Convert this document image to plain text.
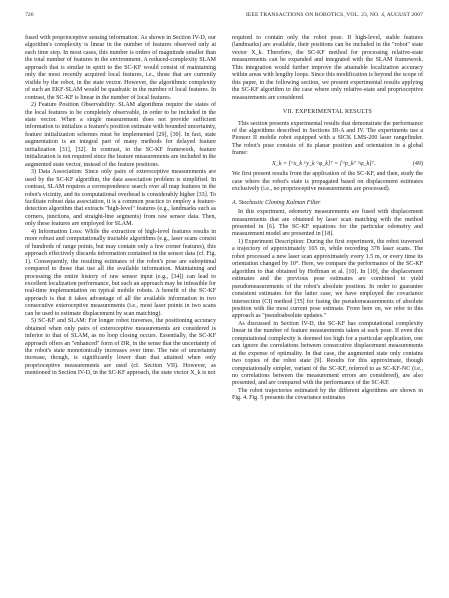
726	IEEE TRANSACTIONS ON ROBOTICS, VOL. 23, NO. 4, AUGUST 2007

fused with proprioceptive sensing information. As shown in Section IV-D, our algorithm's complexity is linear in the number of features observed only at each time step. In most cases, this number is orders of magnitude smaller than the total number of features in the environment. A reduced-complexity SLAM approach that is similar in spirit to the SC-KF would consist of maintaining only the most recently acquired local features, i.e., those that are currently visible by the robot, in the state vector. However, the algorithmic complexity of such an EKF-SLAM would be quadratic in the number of local features. In contrast, the SC-KF is linear in the number of local features.

2) Feature Position Observability: SLAM algorithms require the states of the local features to be completely observable, in order to be included in the state vector. When a single measurement does not provide sufficient information to initialize a feature's position estimate with bounded uncertainty, feature initialization schemes must be implemented [29], [30]. In fact, state augmentation is an integral part of many methods for delayed feature initialization [31], [32]. In contrast, in the SC-KF framework, feature initialization is not required since the feature measurements are included in the augmented state vector, instead of the feature positions.

3) Data Association: Since only pairs of exteroceptive measurements are used by the SC-KF algorithm, the data association problem is simplified. In contrast, SLAM requires a correspondence search over all map features in the robot's vicinity, and its computational overhead is considerably higher [33]. To facilitate robust data association, it is a common practice to employ a feature-detection algorithm that extracts "high-level" features (e.g., landmarks such as corners, junctions, and straight-line segments) from raw sensor data. Then, only these features are employed for SLAM.

4) Information Loss: While the extraction of high-level features results in more robust and computationally tractable algorithms (e.g., laser scans consist of hundreds of range points, but may contain only a few corner features), this approach effectively discards information contained in the sensor data (cf. Fig. 1). Consequently, the resulting estimates of the robot's pose are suboptimal compared to those that use all the available information. Maintaining and processing the entire history of raw sensor input (e.g., [34]) can lead to excellent localization performance, but such an approach may be infeasible for real-time implementation on typical mobile robots. A benefit of the SC-KF approach is that it takes advantage of all the available information in two consecutive exteroceptive measurements (i.e., most laser points in two scans can be used to estimate displacement by scan matching).

5) SC-KF and SLAM: For longer robot traverses, the positioning accuracy obtained when only pairs of exteroceptive measurements are considered is inferior to that of SLAM, as no loop closing occurs. Essentially, the SC-KF approach offers an "enhanced" form of DR, in the sense that the uncertainty of the robot's state monotonically increases over time. The rate of uncertainty increase, though, is significantly lower than that attained when only proprioceptive measurements are used (cf. Section VII). However, as mentioned in Section IV-D, in the SC-KF approach, the state vector X_k is not

required to contain only the robot pose. If high-level, stable features (landmarks) are available, their positions can be included in the "robot" state vector X_k. Therefore, the SC-KF method for processing relative-state measurements can be expanded and integrated with the SLAM framework. This integration would further improve the attainable localization accuracy within areas with lengthy loops. Since this modification is beyond the scope of this paper, in the following section, we present experimental results applying the SC-KF algorithm to the case where only relative-state and proprioceptive measurements are considered.

VII. EXPERIMENTAL RESULTS

This section presents experimental results that demonstrate the performance of the algorithms described in Sections III-A and IV. The experiments use a Pioneer II mobile robot equipped with a SICK LMS-200 laser rangefinder. The robot's pose consists of its planar position and orientation in a global frame:

X_k = [ᴳx_k ᴳy_k ᴳφ_k]ᵀ = [ᴳp_kᵀ ᴳφ_k]ᵀ.	(49)

We first present results from the application of the SC-KF, and then, study the case where the robot's state is propagated based on displacement estimates exclusively (i.e., no proprioceptive measurements are processed).

A. Stochastic Cloning Kalman Filter

In this experiment, odometry measurements are fused with displacement measurements that are obtained by laser scan matching with the method presented in [6]. The SC-KF equations for the particular odometry and measurement model are presented in [18].

1) Experiment Description: During the first experiment, the robot traversed a trajectory of approximately 165 m, while recording 378 laser scans. The robot processed a new laser scan approximately every 1.5 m, or every time its orientation changed by 10°. Here, we compare the performance of the SC-KF algorithm to that obtained by Hoffman et al. [10]. In [10], the displacement estimates and the previous pose estimates are combined to yield pseudomeasurements of the robot's absolute position. In order to guarantee consistent estimates for the latter case, we have employed the covariance intersection (CI) method [35] for fusing the pseudomeasurements of absolute position with the most current pose estimate. From here on, we refer to this approach as "pseudoabsolute updates."

As discussed in Section IV-D, the SC-KF has computational complexity linear in the number of feature measurements taken at each pose. If even this computational complexity is deemed too high for a particular application, one can ignore the correlations between consecutive displacement measurements at the expense of optimality. In that case, the augmented state only contains two copies of the robot state [9]. Results for this approximate, though computationally simpler, variant of the SC-KF, referred to as SC-KF-NC (i.e., no correlations between the measurement errors are considered), are also presented, and are compared with the performance of the SC-KF.

The robot trajectories estimated by the different algorithms are shown in Fig. 4. Fig. 5 presents the covariance estimates
